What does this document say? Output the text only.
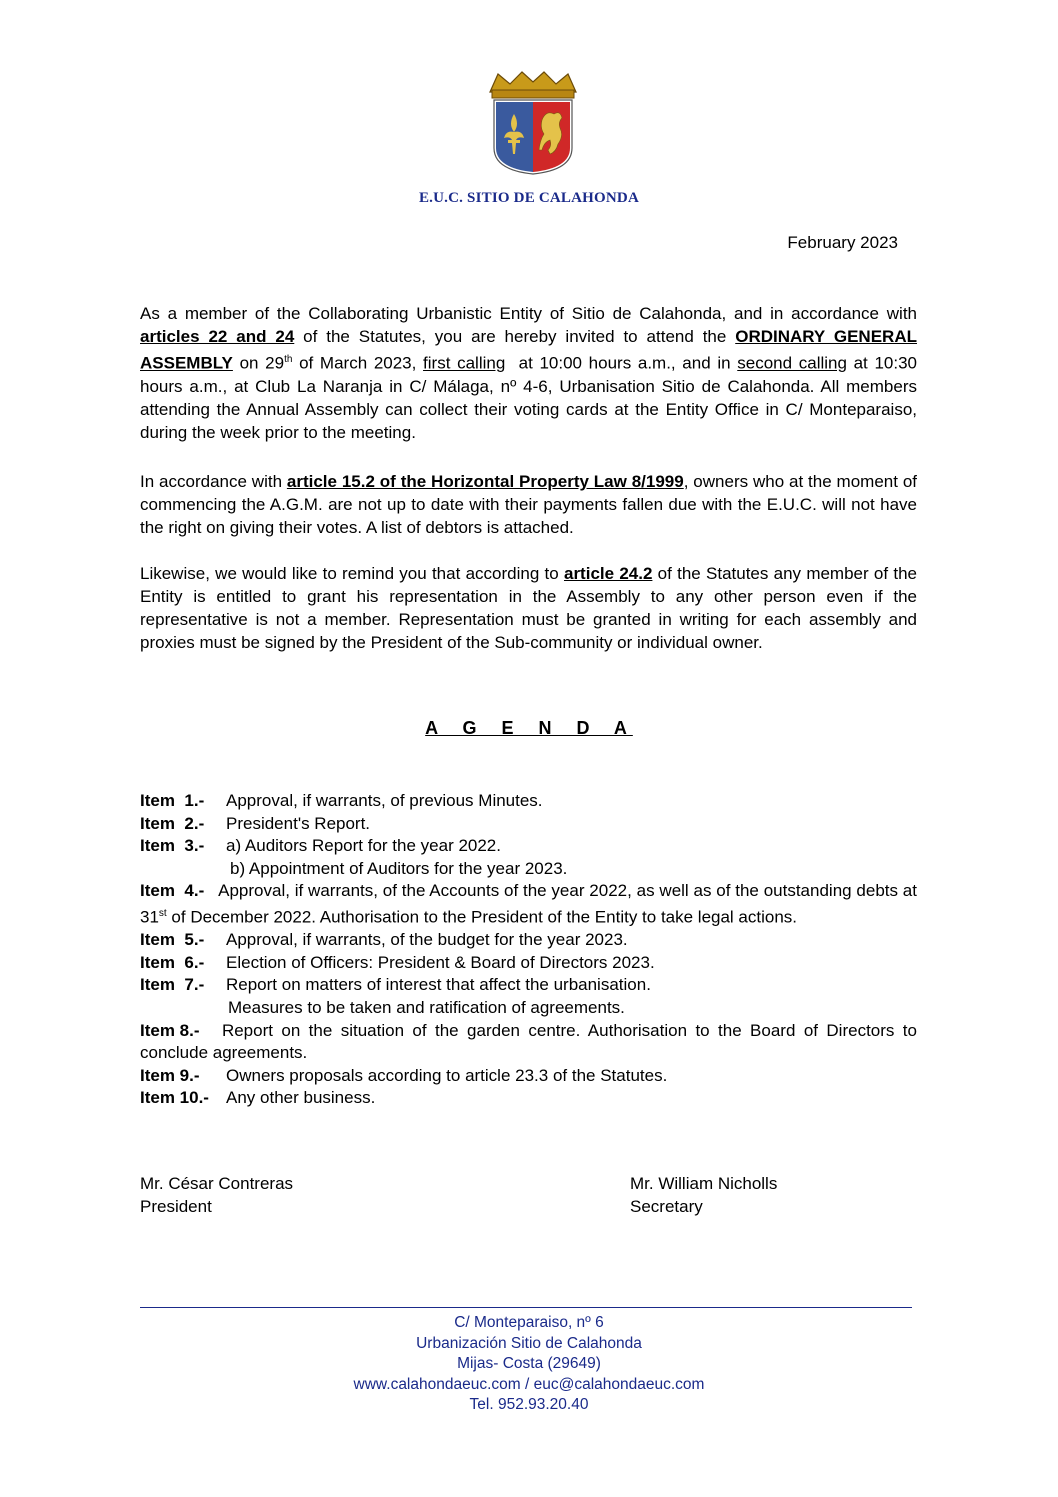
E.U.C. SITIO DE CALAHONDA
February 2023
As a member of the Collaborating Urbanistic Entity of Sitio de Calahonda, and in accordance with articles 22 and 24 of the Statutes, you are hereby invited to attend the ORDINARY GENERAL ASSEMBLY on 29th of March 2023, first calling  at 10:00 hours a.m., and in second calling at 10:30 hours a.m., at Club La Naranja in C/ Málaga, nº 4-6, Urbanisation Sitio de Calahonda. All members attending the Annual Assembly can collect their voting cards at the Entity Office in C/ Monteparaiso, during the week prior to the meeting.
In accordance with article 15.2 of the Horizontal Property Law 8/1999, owners who at the moment of commencing the A.G.M. are not up to date with their payments fallen due with the E.U.C. will not have the right on giving their votes. A list of debtors is attached.
Likewise, we would like to remind you that according to article 24.2 of the Statutes any member of the Entity is entitled to grant his representation in the Assembly to any other person even if the representative is not a member. Representation must be granted in writing for each assembly and proxies must be signed by the President of the Sub-community or individual owner.
A G E N D A
Item  1.-	Approval, if warrants, of previous Minutes.
Item  2.-	President's Report.
Item  3.-	a) Auditors Report for the year 2022.
b) Appointment of Auditors for the year 2023.
Item  4.- Approval, if warrants, of the Accounts of the year 2022, as well as of the outstanding debts at 31st of December 2022. Authorisation to the President of the Entity to take legal actions.
Item  5.-	Approval, if warrants, of the budget for the year 2023.
Item  6.-	Election of Officers: President & Board of Directors 2023.
Item  7.-	Report on matters of interest that affect the urbanisation.
Measures to be taken and ratification of agreements.
Item 8.- Report on the situation of the garden centre. Authorisation to the Board of Directors to conclude agreements.
Item 9.-	Owners proposals according to article 23.3 of the Statutes.
Item 10.-	Any other business.
Mr. César Contreras
President
Mr. William Nicholls
Secretary
C/ Monteparaiso, nº 6
Urbanización Sitio de Calahonda
Mijas- Costa (29649)
www.calahondaeuc.com / euc@calahondaeuc.com
Tel. 952.93.20.40
